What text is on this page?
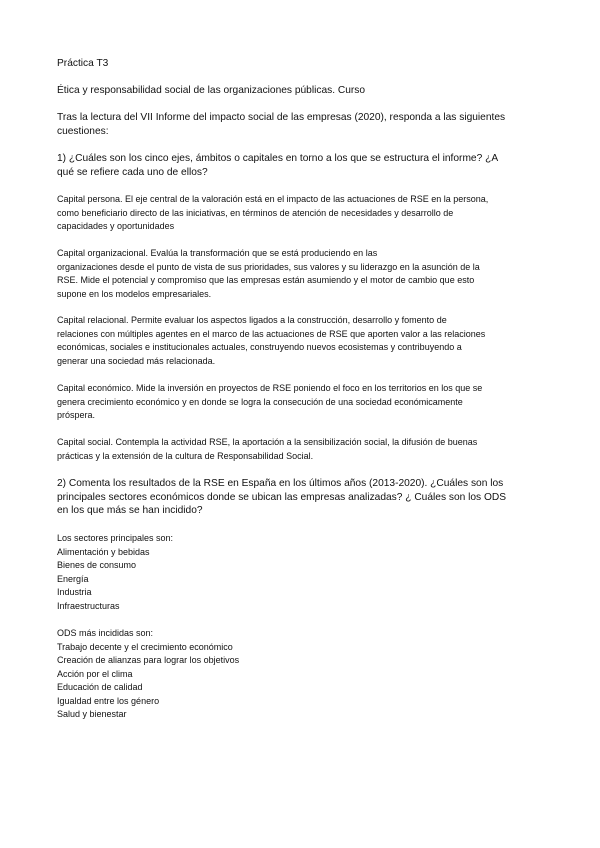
Práctica T3

Ética y responsabilidad social de las organizaciones públicas. Curso

Tras la lectura del VII Informe del impacto social de las empresas (2020), responda a las siguientes
cuestiones:

1) ¿Cuáles son los cinco ejes, ámbitos o capitales en torno a los que se estructura el informe? ¿A
qué se refiere cada uno de ellos?

Capital persona. El eje central de la valoración está en el impacto de las actuaciones de RSE en la persona,
como beneficiario directo de las iniciativas, en términos de atención de necesidades y desarrollo de
capacidades y oportunidades

Capital organizacional. Evalúa la transformación que se está produciendo en las
organizaciones desde el punto de vista de sus prioridades, sus valores y su liderazgo en la asunción de la
RSE. Mide el potencial y compromiso que las empresas están asumiendo y el motor de cambio que esto
supone en los modelos empresariales.

Capital relacional. Permite evaluar los aspectos ligados a la construcción, desarrollo y fomento de
relaciones con múltiples agentes en el marco de las actuaciones de RSE que aporten valor a las relaciones
económicas, sociales e institucionales actuales, construyendo nuevos ecosistemas y contribuyendo a
generar una sociedad más relacionada.

Capital económico. Mide la inversión en proyectos de RSE poniendo el foco en los territorios en los que se
genera crecimiento económico y en donde se logra la consecución de una sociedad económicamente
próspera.

Capital social. Contempla la actividad RSE, la aportación a la sensibilización social, la difusión de buenas
prácticas y la extensión de la cultura de Responsabilidad Social.

2) Comenta los resultados de la RSE en España en los últimos años (2013-2020). ¿Cuáles son los
principales sectores económicos donde se ubican las empresas analizadas? ¿ Cuáles son los ODS
en los que más se han incidido?

Los sectores principales son:
Alimentación y bebidas
Bienes de consumo
Energía
Industria
Infraestructuras
ODS más incididas son:
Trabajo decente y el crecimiento económico
Creación de alianzas para lograr los objetivos
Acción por el clima
Educación de calidad
Igualdad entre los género
Salud y bienestar
